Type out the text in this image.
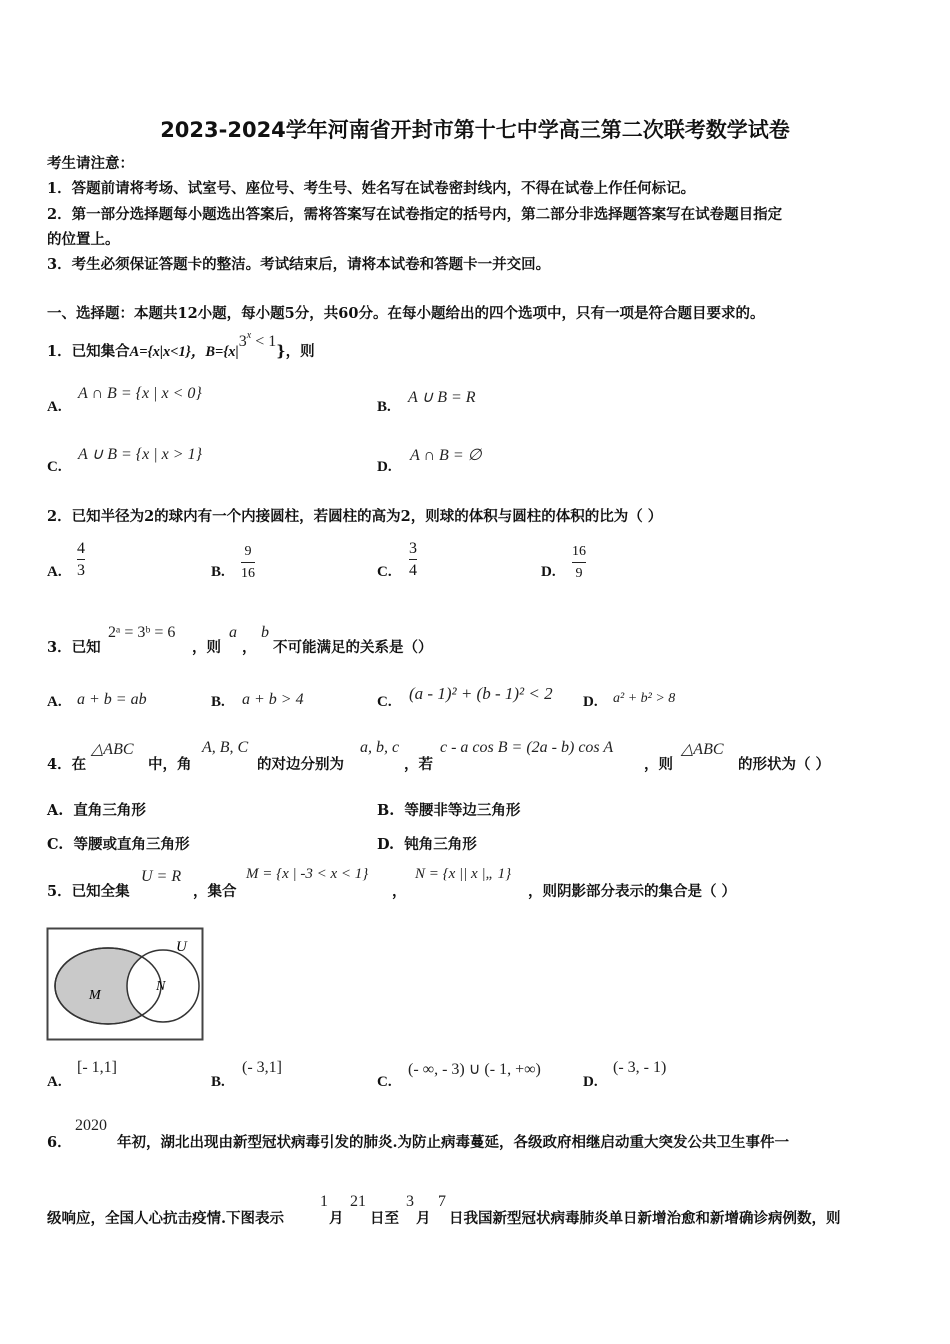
2023-2024学年河南省开封市第十七中学高三第二次联考数学试卷
考生请注意：
1．答题前请将考场、试室号、座位号、考生号、姓名写在试卷密封线内，不得在试卷上作任何标记。
2．第一部分选择题每小题选出答案后，需将答案写在试卷指定的括号内，第二部分非选择题答案写在试卷题目指定
的位置上。
3．考生必须保证答题卡的整洁。考试结束后，请将本试卷和答题卡一并交回。
一、选择题：本题共12小题，每小题5分，共60分。在每小题给出的四个选项中，只有一项是符合题目要求的。
1．已知集合A={x|x<1}，$B=\{x|3^x < 1\}$，则
A.
A ∩ B = {x | x < 0}
B.
A ∪ B = R
C.
A ∪ B = {x | x > 1}
D.
A ∩ B = ∅
2．已知半径为2的球内有一个内接圆柱，若圆柱的高为2，则球的体积与圆柱的体积的比为（ ）
A.
4
3	B.
9
16	C.
3
4	D.
16
9
3．已知
2ᵃ = 3ᵇ = 6
，则
a
，
b
不可能满足的关系是（）
A. a + b = ab	B. a + b > 4	C. (a - 1)² + (b - 1)² < 2 D. a² + b² > 8
4．在
△ABC
中，角
A, B, C
的对边分别为
a, b, c
，若
c - a cos B = (2a - b) cos A
，则
△ABC
的形状为（ ）
A. 直角三角形	B. 等腰非等边三角形
C. 等腰或直角三角形	D. 钝角三角形
5．已知全集
U = R
，集合
M = {x | -3 < x < 1}
，
N = {x || x |„ 1}
，则阴影部分表示的集合是（ ）
U
M
N
A.
[- 1,1]
B.
(- 3,1]
C.
(- ∞, - 3) ∪ (- 1, +∞)
D.
(- 3, - 1)
6．
2020
年初，湖北出现由新型冠状病毒引发的肺炎.为防止病毒蔓延，各级政府相继启动重大突发公共卫生事件一
级响应，全国人心抗击疫情.下图表示
1
月
21
日至
3
月
7
日我国新型冠状病毒肺炎单日新增治愈和新增确诊病例数，则
